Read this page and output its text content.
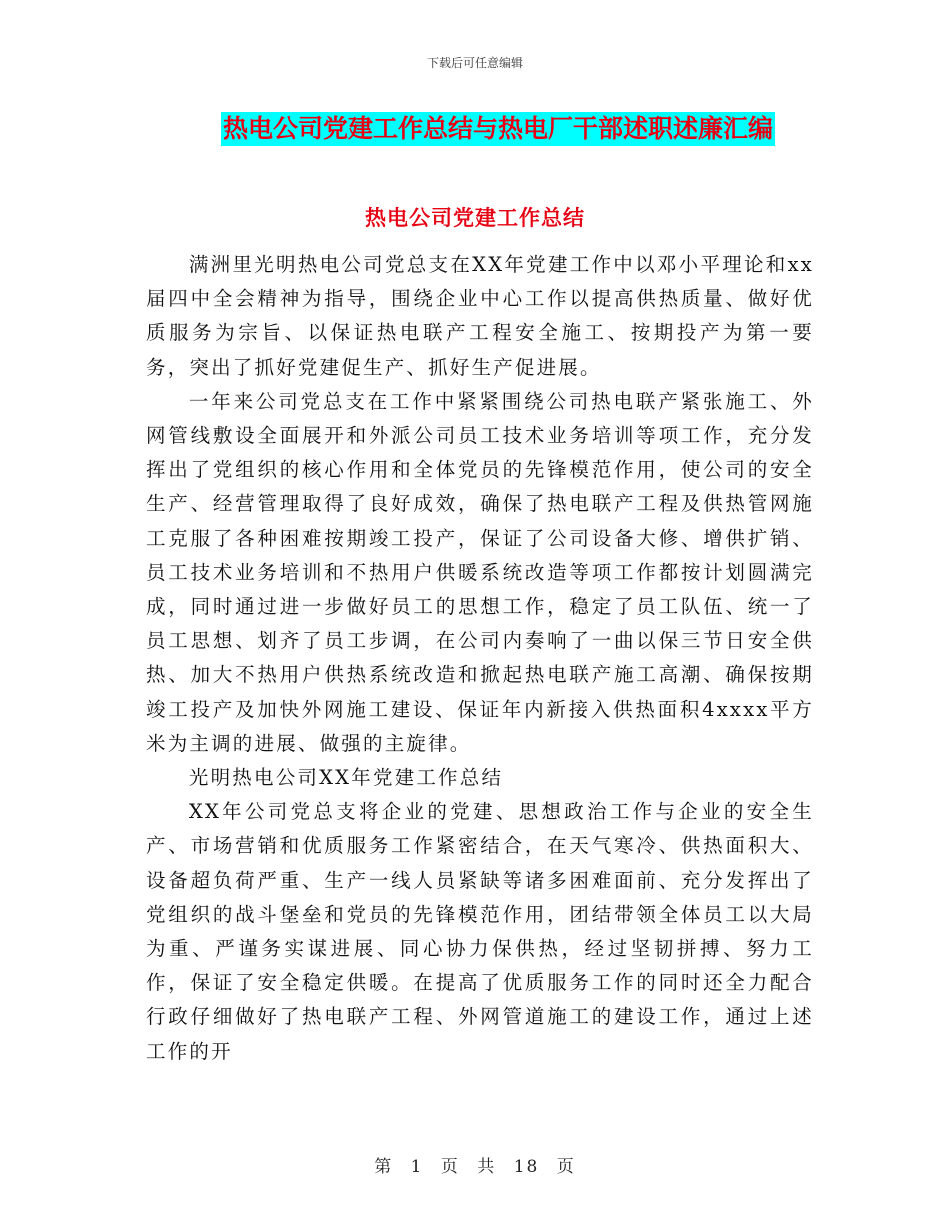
下载后可任意编辑
热电公司党建工作总结与热电厂干部述职述廉汇编
热电公司党建工作总结

满洲里光明热电公司党总支在XX年党建工作中以邓小平理论和xx届四中全会精神为指导，围绕企业中心工作以提高供热质量、做好优质服务为宗旨、以保证热电联产工程安全施工、按期投产为第一要务，突出了抓好党建促生产、抓好生产促进展。

一年来公司党总支在工作中紧紧围绕公司热电联产紧张施工、外网管线敷设全面展开和外派公司员工技术业务培训等项工作，充分发挥出了党组织的核心作用和全体党员的先锋模范作用，使公司的安全生产、经营管理取得了良好成效，确保了热电联产工程及供热管网施工克服了各种困难按期竣工投产，保证了公司设备大修、增供扩销、员工技术业务培训和不热用户供暖系统改造等项工作都按计划圆满完成，同时通过进一步做好员工的思想工作，稳定了员工队伍、统一了员工思想、划齐了员工步调，在公司内奏响了一曲以保三节日安全供热、加大不热用户供热系统改造和掀起热电联产施工高潮、确保按期竣工投产及加快外网施工建设、保证年内新接入供热面积4xxxx平方米为主调的进展、做强的主旋律。

光明热电公司XX年党建工作总结

XX年公司党总支将企业的党建、思想政治工作与企业的安全生产、市场营销和优质服务工作紧密结合，在天气寒冷、供热面积大、设备超负荷严重、生产一线人员紧缺等诸多困难面前、充分发挥出了党组织的战斗堡垒和党员的先锋模范作用，团结带领全体员工以大局为重、严谨务实谋进展、同心协力保供热，经过坚韧拼搏、努力工作，保证了安全稳定供暖。在提高了优质服务工作的同时还全力配合行政仔细做好了热电联产工程、外网管道施工的建设工作，通过上述工作的开

第 1 页 共 18 页
